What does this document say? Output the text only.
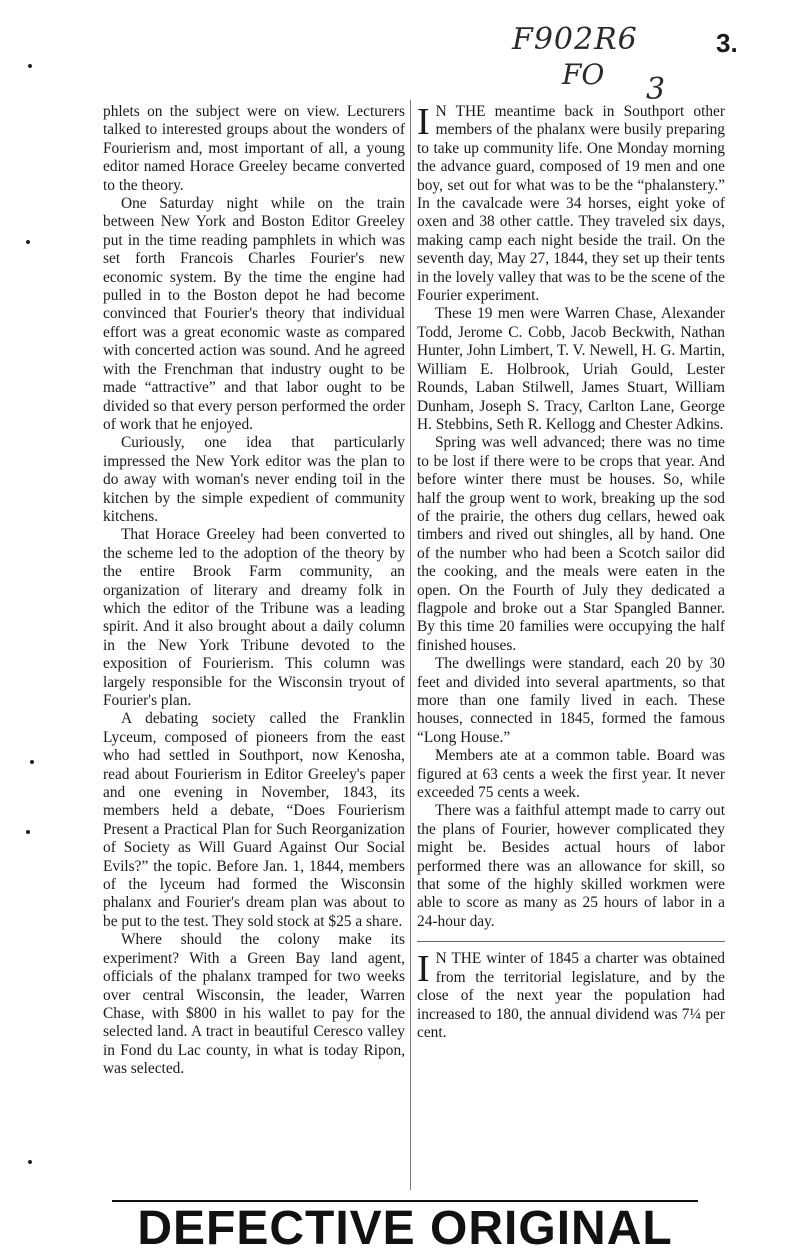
F902R6
FO 3
3.

phlets on the subject were on view. Lecturers talked to interested groups about the wonders of Fourierism and, most important of all, a young editor named Horace Greeley became converted to the theory.

One Saturday night while on the train between New York and Boston Editor Greeley put in the time reading pamphlets in which was set forth Francois Charles Fourier's new economic system. By the time the engine had pulled in to the Boston depot he had become convinced that Fourier's theory that individual effort was a great economic waste as compared with concerted action was sound. And he agreed with the Frenchman that industry ought to be made “attractive” and that labor ought to be divided so that every person performed the order of work that he enjoyed.

Curiously, one idea that particularly impressed the New York editor was the plan to do away with woman's never ending toil in the kitchen by the simple expedient of community kitchens.

That Horace Greeley had been converted to the scheme led to the adoption of the theory by the entire Brook Farm community, an organization of literary and dreamy folk in which the editor of the Tribune was a leading spirit. And it also brought about a daily column in the New York Tribune devoted to the exposition of Fourierism. This column was largely responsible for the Wisconsin tryout of Fourier's plan.

A debating society called the Franklin Lyceum, composed of pioneers from the east who had settled in Southport, now Kenosha, read about Fourierism in Editor Greeley's paper and one evening in November, 1843, its members held a debate, “Does Fourierism Present a Practical Plan for Such Reorganization of Society as Will Guard Against Our Social Evils?” the topic. Before Jan. 1, 1844, members of the lyceum had formed the Wisconsin phalanx and Fourier's dream plan was about to be put to the test. They sold stock at $25 a share.

Where should the colony make its experiment? With a Green Bay land agent, officials of the phalanx tramped for two weeks over central Wisconsin, the leader, Warren Chase, with $800 in his wallet to pay for the selected land. A tract in beautiful Ceresco valley in Fond du Lac county, in what is today Ripon, was selected.

I N THE meantime back in Southport other members of the phalanx were busily preparing to take up community life. One Monday morning the advance guard, composed of 19 men and one boy, set out for what was to be the “phalanstery.” In the cavalcade were 34 horses, eight yoke of oxen and 38 other cattle. They traveled six days, making camp each night beside the trail. On the seventh day, May 27, 1844, they set up their tents in the lovely valley that was to be the scene of the Fourier experiment.

These 19 men were Warren Chase, Alexander Todd, Jerome C. Cobb, Jacob Beckwith, Nathan Hunter, John Limbert, T. V. Newell, H. G. Martin, William E. Holbrook, Uriah Gould, Lester Rounds, Laban Stilwell, James Stuart, William Dunham, Joseph S. Tracy, Carlton Lane, George H. Stebbins, Seth R. Kellogg and Chester Adkins.

Spring was well advanced; there was no time to be lost if there were to be crops that year. And before winter there must be houses. So, while half the group went to work, breaking up the sod of the prairie, the others dug cellars, hewed oak timbers and rived out shingles, all by hand. One of the number who had been a Scotch sailor did the cooking, and the meals were eaten in the open. On the Fourth of July they dedicated a flagpole and broke out a Star Spangled Banner. By this time 20 families were occupying the half finished houses.

The dwellings were standard, each 20 by 30 feet and divided into several apartments, so that more than one family lived in each. These houses, connected in 1845, formed the famous “Long House.”

Members ate at a common table. Board was figured at 63 cents a week the first year. It never exceeded 75 cents a week.

There was a faithful attempt made to carry out the plans of Fourier, however complicated they might be. Besides actual hours of labor performed there was an allowance for skill, so that some of the highly skilled workmen were able to score as many as 25 hours of labor in a 24-hour day.

I N THE winter of 1845 a charter was obtained from the territorial legislature, and by the close of the next year the population had increased to 180, the annual dividend was 7¼ per cent.

DEFECTIVE ORIGINAL
